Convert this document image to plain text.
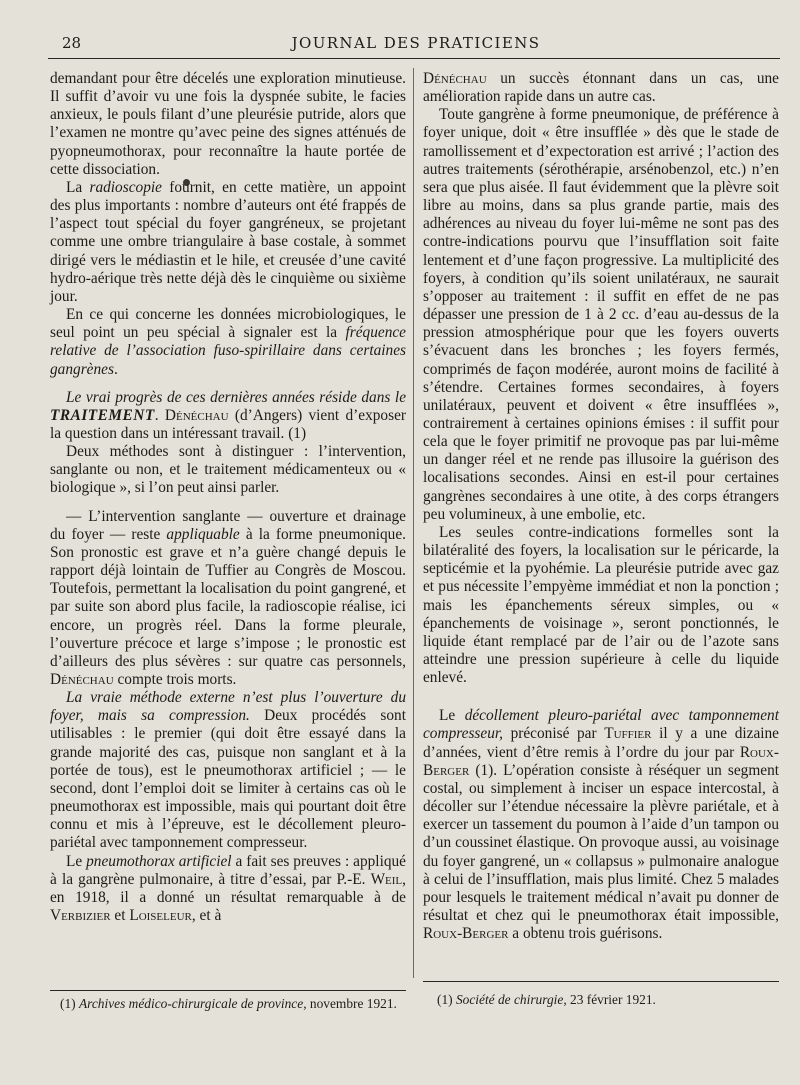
28	JOURNAL DES PRATICIENS

demandant pour être décelés une exploration minutieuse. Il suffit d’avoir vu une fois la dyspnée subite, le facies anxieux, le pouls filant d’une pleurésie putride, alors que l’examen ne montre qu’avec peine des signes atténués de pyopneumothorax, pour reconnaître la haute portée de cette dissociation.

La radioscopie fournit, en cette matière, un appoint des plus importants : nombre d’auteurs ont été frappés de l’aspect tout spécial du foyer gangréneux, se projetant comme une ombre triangulaire à base costale, à sommet dirigé vers le médiastin et le hile, et creusée d’une cavité hydro-aérique très nette déjà dès le cinquième ou sixième jour.

En ce qui concerne les données microbiologiques, le seul point un peu spécial à signaler est la fréquence relative de l’association fuso-spirillaire dans certaines gangrènes.

Le vrai progrès de ces dernières années réside dans le TRAITEMENT. Dénéchau (d’Angers) vient d’exposer la question dans un intéressant travail. (1)

Deux méthodes sont à distinguer : l’intervention, sanglante ou non, et le traitement médicamenteux ou « biologique », si l’on peut ainsi parler.

— L’intervention sanglante — ouverture et drainage du foyer — reste appliquable à la forme pneumonique. Son pronostic est grave et n’a guère changé depuis le rapport déjà lointain de Tuffier au Congrès de Moscou. Toutefois, permettant la localisation du point gangrené, et par suite son abord plus facile, la radioscopie réalise, ici encore, un progrès réel. Dans la forme pleurale, l’ouverture précoce et large s’impose ; le pronostic est d’ailleurs des plus sévères : sur quatre cas personnels, Dénéchau compte trois morts.

La vraie méthode externe n’est plus l’ouverture du foyer, mais sa compression. Deux procédés sont utilisables : le premier (qui doit être essayé dans la grande majorité des cas, puisque non sanglant et à la portée de tous), est le pneumothorax artificiel ; — le second, dont l’emploi doit se limiter à certains cas où le pneumothorax est impossible, mais qui pourtant doit être connu et mis à l’épreuve, est le décollement pleuro-pariétal avec tamponnement compresseur.

Le pneumothorax artificiel a fait ses preuves : appliqué à la gangrène pulmonaire, à titre d’essai, par P.-E. Weil, en 1918, il a donné un résultat remarquable à de Verbizier et Loiseleur, et à

Dénéchau un succès étonnant dans un cas, une amélioration rapide dans un autre cas.

Toute gangrène à forme pneumonique, de préférence à foyer unique, doit « être insufflée » dès que le stade de ramollissement et d’expectoration est arrivé ; l’action des autres traitements (sérothérapie, arsénobenzol, etc.) n’en sera que plus aisée. Il faut évidemment que la plèvre soit libre au moins, dans sa plus grande partie, mais des adhérences au niveau du foyer lui-même ne sont pas des contre-indications pourvu que l’insufflation soit faite lentement et d’une façon progressive. La multiplicité des foyers, à condition qu’ils soient unilatéraux, ne saurait s’opposer au traitement : il suffit en effet de ne pas dépasser une pression de 1 à 2 cc. d’eau au-dessus de la pression atmosphérique pour que les foyers ouverts s’évacuent dans les bronches ; les foyers fermés, comprimés de façon modérée, auront moins de facilité à s’étendre. Certaines formes secondaires, à foyers unilatéraux, peuvent et doivent « être insufflées », contrairement à certaines opinions émises : il suffit pour cela que le foyer primitif ne provoque pas par lui-même un danger réel et ne rende pas illusoire la guérison des localisations secondes. Ainsi en est-il pour certaines gangrènes secondaires à une otite, à des corps étrangers peu volumineux, à une embolie, etc.

Les seules contre-indications formelles sont la bilatéralité des foyers, la localisation sur le péricarde, la septicémie et la pyohémie. La pleurésie putride avec gaz et pus nécessite l’empyème immédiat et non la ponction ; mais les épanchements séreux simples, ou « épanchements de voisinage », seront ponctionnés, le liquide étant remplacé par de l’air ou de l’azote sans atteindre une pression supérieure à celle du liquide enlevé.

Le décollement pleuro-pariétal avec tamponnement compresseur, préconisé par Tuffier il y a une dizaine d’années, vient d’être remis à l’ordre du jour par Roux-Berger (1). L’opération consiste à réséquer un segment costal, ou simplement à inciser un espace intercostal, à décoller sur l’étendue nécessaire la plèvre pariétale, et à exercer un tassement du poumon à l’aide d’un tampon ou d’un coussinet élastique. On provoque aussi, au voisinage du foyer gangrené, un « collapsus » pulmonaire analogue à celui de l’insufflation, mais plus limité. Chez 5 malades pour lesquels le traitement médical n’avait pu donner de résultat et chez qui le pneumothorax était impossible, Roux-Berger a obtenu trois guérisons.

(1) Archives médico-chirurgicale de province, novembre 1921.	(1) Société de chirurgie, 23 février 1921.
